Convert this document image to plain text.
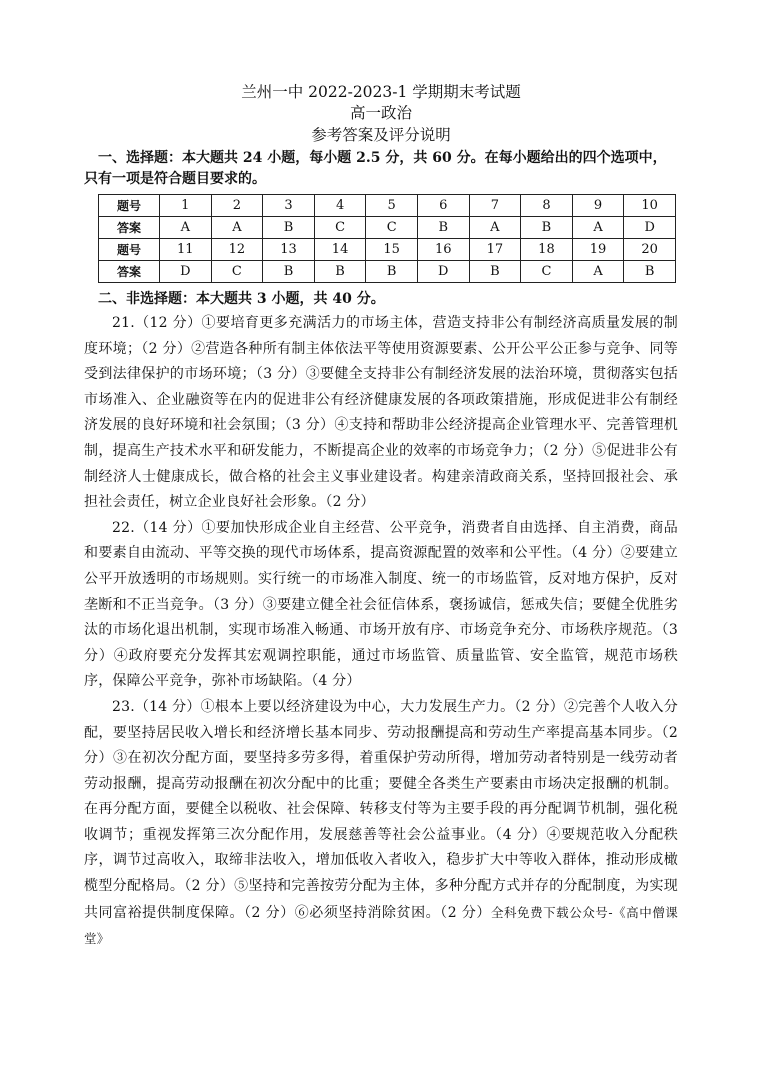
兰州一中 2022-2023-1 学期期末考试题

高一政治

参考答案及评分说明

一、选择题：本大题共 24 小题，每小题 2.5 分，共 60 分。在每小题给出的四个选项中，只有一项是符合题目要求的。

题号	1	2	3	4	5	6	7	8	9	10
答案	A	A	B	C	C	B	A	B	A	D
题号	11	12	13	14	15	16	17	18	19	20
答案	D	C	B	B	B	D	B	C	A	B

二、非选择题：本大题共 3 小题，共 40 分。

21.（12 分）①要培育更多充满活力的市场主体，营造支持非公有制经济高质量发展的制度环境；（2 分）②营造各种所有制主体依法平等使用资源要素、公开公平公正参与竞争、同等受到法律保护的市场环境；（3 分）③要健全支持非公有制经济发展的法治环境，贯彻落实包括市场准入、企业融资等在内的促进非公有经济健康发展的各项政策措施，形成促进非公有制经济发展的良好环境和社会氛围；（3 分）④支持和帮助非公经济提高企业管理水平、完善管理机制，提高生产技术水平和研发能力，不断提高企业的效率的市场竞争力；（2 分）⑤促进非公有制经济人士健康成长，做合格的社会主义事业建设者。构建亲清政商关系，坚持回报社会、承担社会责任，树立企业良好社会形象。（2 分）

22.（14 分）①要加快形成企业自主经营、公平竞争，消费者自由选择、自主消费，商品和要素自由流动、平等交换的现代市场体系，提高资源配置的效率和公平性。（4 分）②要建立公平开放透明的市场规则。实行统一的市场准入制度、统一的市场监管，反对地方保护，反对垄断和不正当竞争。（3 分）③要建立健全社会征信体系，褒扬诚信，惩戒失信；要健全优胜劣汰的市场化退出机制，实现市场准入畅通、市场开放有序、市场竞争充分、市场秩序规范。（3 分）④政府要充分发挥其宏观调控职能，通过市场监管、质量监管、安全监管，规范市场秩序，保障公平竞争，弥补市场缺陷。（4 分）

23.（14 分）①根本上要以经济建设为中心，大力发展生产力。（2 分）②完善个人收入分配，要坚持居民收入增长和经济增长基本同步、劳动报酬提高和劳动生产率提高基本同步。（2 分）③在初次分配方面，要坚持多劳多得，着重保护劳动所得，增加劳动者特别是一线劳动者劳动报酬，提高劳动报酬在初次分配中的比重；要健全各类生产要素由市场决定报酬的机制。在再分配方面，要健全以税收、社会保障、转移支付等为主要手段的再分配调节机制，强化税收调节；重视发挥第三次分配作用，发展慈善等社会公益事业。（4 分）④要规范收入分配秩序，调节过高收入，取缔非法收入，增加低收入者收入，稳步扩大中等收入群体，推动形成橄榄型分配格局。（2 分）⑤坚持和完善按劳分配为主体，多种分配方式并存的分配制度，为实现共同富裕提供制度保障。（2 分）⑥必须坚持消除贫困。（2 分）全科免费下载公众号-《高中僧课堂》
